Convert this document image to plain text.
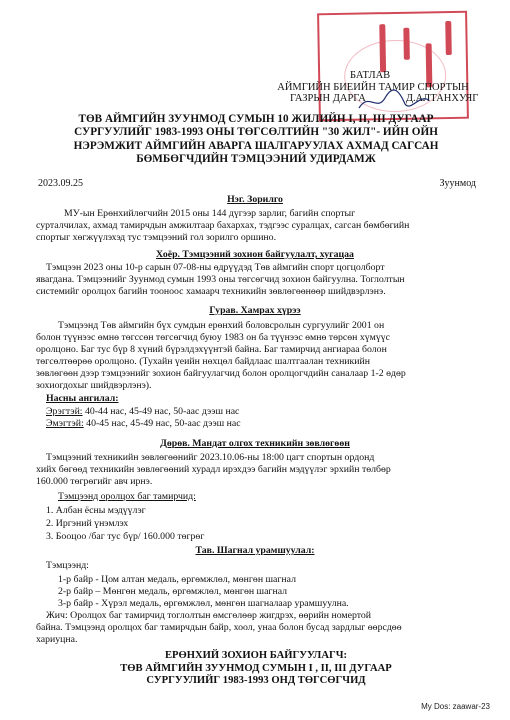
БАТЛАВ
АЙМГИЙН БИЕИЙН ТАМИР СПОРТЫН
ГАЗРЫН ДАРГА	Д.АЛТАНХУЯГ
ТӨВ АЙМГИЙН ЗУУНМОД СУМЫН 10 ЖИЛИЙН I, II, III ДУГААР
СУРГУУЛИЙГ 1983-1993 ОНЫ ТӨГСӨЛТИЙН "30 ЖИЛ"- ИЙН ОЙН
НЭРЭМЖИТ АЙМГИЙН АВАРГА ШАЛГАРУУЛАХ АХМАД САГСАН
БӨМБӨГЧДИЙН ТЭМЦЭЭНИЙ УДИРДАМЖ
2023.09.25	Зуунмод
Нэг. Зорилго
МУ-ын Ерөнхийлөгчийн 2015 оны 144 дүгээр зарлиг, багийн спортыг
сурталчилах, ахмад тамирчдын амжилтаар бахархах, тэдгээс суралцах, сагсан бөмбөгийн
спортыг хөгжүүлэхэд тус тэмцээний гол зорилго оршино.
Хоёр. Тэмцээний зохион байгуулалт, хугацаа
Тэмцээн 2023 оны 10-р сарын 07-08-ны өдрүүдэд Төв аймгийн спорт цогцолборт
явагдана. Тэмцээнийг Зуунмод сумын 1993 оны төгсөгчид зохион байгуулна. Тоглолтын
системийг оролцох багийн тооноос хамаарч техникийн зөвлөгөөнөөр шийдвэрлэнэ.
Гурав. Хамрах хүрээ
Тэмцээнд Төв аймгийн бүх сумдын ерөнхий боловсролын сургуулийг 2001 он
болон түүнээс өмнө төгссөн төгсөгчид буюу 1983 он ба түүнээс өмнө төрсөн хүмүүс
оролцоно. Баг тус бүр 8 хүний бүрэлдэхүүнтэй байна. Баг тамирчид ангиараа болон
төгсөлтөөрөө оролцоно. (Тухайн үеийн нөхцөл байдлаас шалтгаалан техникийн
зөвлөгөөн дээр тэмцээнийг зохион байгуулагчид болон оролцогчдийн саналаар 1-2 өдөр
зохиогдохыг шийдвэрлэнэ).
Насны ангилал:
Эрэгтэй: 40-44 нас, 45-49 нас, 50-аас дээш нас
Эмэгтэй: 40-45 нас, 45-49 нас, 50-аас дээш нас
Дөрөв. Мандат олгох техникийн зөвлөгөөн
Тэмцээний техникийн зөвлөгөөнийг 2023.10.06-ны 18:00 цагт спортын ордонд
хийх бөгөөд техникийн зөвлөгөөний хурадл ирэхдээ багийн мэдүүлэг эрхийн төлбөр
160.000 төгрөгийг авч ирнэ.
Тэмцээнд оролцох баг тамирчид:
1. Албан ёсны мэдүүлэг
2. Иргэний үнэмлэх
3. Бооцоо /баг тус бүр/ 160.000 төгрөг
Тав. Шагнал урамшуулал:
Тэмцээнд:
1-р байр - Цом алтан медаль, өргөмжлөл, мөнгөн шагнал
2-р байр – Мөнгөн медаль, өргөмжлөл, мөнгөн шагнал
3-р байр - Хүрэл медаль, өргөмжлөл, мөнгөн шагналаар урамшуулна.
Жич: Оролцох баг тамирчид тоглолтын өмсгөлөөр жигдрэх, өөрийн номертой
ЕРӨНХИЙ ЗОХИОН БАЙГУУЛАГЧ:
ТӨВ АЙМГИЙН ЗУУНМОД СУМЫН I , II, III ДУГААР
СУРГУУЛИЙГ 1983-1993 ОНД ТӨГСӨГЧИД
My Dos: zaawar-23
байна. Тэмцээнд оролцох баг тамирчдын байр, хоол, унаа болон бусад зардлыг өөрсдөө
хариуцна.
